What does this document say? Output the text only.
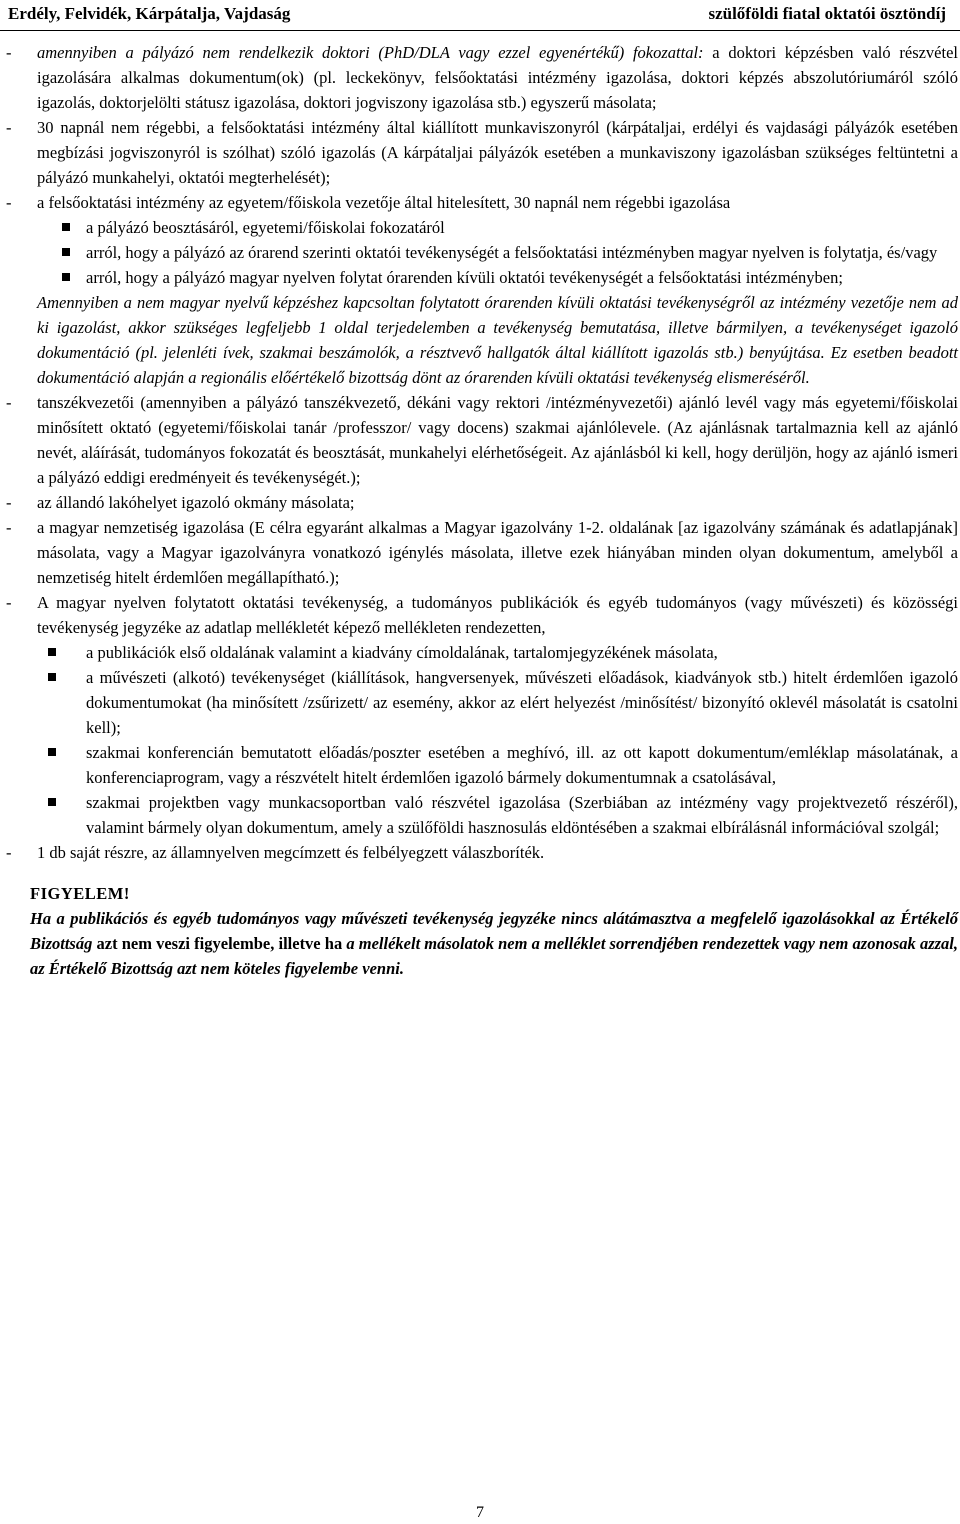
Erdély, Felvidék, Kárpátalja, Vajdaság	szülőföldi fiatal oktatói ösztöndíj
- amennyiben a pályázó nem rendelkezik doktori (PhD/DLA vagy ezzel egyenértékű) fokozattal: a doktori képzésben való részvétel igazolására alkalmas dokumentum(ok) (pl. leckekönyv, felsőoktatási intézmény igazolása, doktori képzés abszolutóriumáról szóló igazolás, doktorjelölti státusz igazolása, doktori jogviszony igazolása stb.) egyszerű másolata;
- 30 napnál nem régebbi, a felsőoktatási intézmény által kiállított munkaviszonyról (kárpátaljai, erdélyi és vajdasági pályázók esetében megbízási jogviszonyról is szólhat) szóló igazolás (A kárpátaljai pályázók esetében a munkaviszony igazolásban szükséges feltüntetni a pályázó munkahelyi, oktatói megterhelését);
- a felsőoktatási intézmény az egyetem/főiskola vezetője által hitelesített, 30 napnál nem régebbi igazolása
a pályázó beosztásáról, egyetemi/főiskolai fokozatáról
arról, hogy a pályázó az órarend szerinti oktatói tevékenységét a felsőoktatási intézményben magyar nyelven is folytatja, és/vagy
arról, hogy a pályázó magyar nyelven folytat órarenden kívüli oktatói tevékenységét a felsőoktatási intézményben;
Amennyiben a nem magyar nyelvű képzéshez kapcsoltan folytatott órarenden kívüli oktatási tevékenységről az intézmény vezetője nem ad ki igazolást, akkor szükséges legfeljebb 1 oldal terjedelemben a tevékenység bemutatása, illetve bármilyen, a tevékenységet igazoló dokumentáció (pl. jelenléti ívek, szakmai beszámolók, a résztvevő hallgatók által kiállított igazolás stb.) benyújtása. Ez esetben beadott dokumentáció alapján a regionális előértékelő bizottság dönt az órarenden kívüli oktatási tevékenység elismeréséről.
- tanszékvezetői (amennyiben a pályázó tanszékvezető, dékáni vagy rektori /intézményvezetői) ajánló levél vagy más egyetemi/főiskolai minősített oktató (egyetemi/főiskolai tanár /professzor/ vagy docens) szakmai ajánlólevele. (Az ajánlásnak tartalmaznia kell az ajánló nevét, aláírását, tudományos fokozatát és beosztását, munkahelyi elérhetőségeit. Az ajánlásból ki kell, hogy derüljön, hogy az ajánló ismeri a pályázó eddigi eredményeit és tevékenységét.);
- az állandó lakóhelyet igazoló okmány másolata;
- a magyar nemzetiség igazolása (E célra egyaránt alkalmas a Magyar igazolvány 1-2. oldalának [az igazolvány számának és adatlapjának] másolata, vagy a Magyar igazolványra vonatkozó igénylés másolata, illetve ezek hiányában minden olyan dokumentum, amelyből a nemzetiség hitelt érdemlően megállapítható.);
- A magyar nyelven folytatott oktatási tevékenység, a tudományos publikációk és egyéb tudományos (vagy művészeti) és közösségi tevékenység jegyzéke az adatlap mellékletét képező mellékleten rendezetten,
a publikációk első oldalának valamint a kiadvány címoldalának, tartalomjegyzékének másolata,
a művészeti (alkotó) tevékenységet (kiállítások, hangversenyek, művészeti előadások, kiadványok stb.) hitelt érdemlően igazoló dokumentumokat (ha minősített /zsűrizett/ az esemény, akkor az elért helyezést /minősítést/ bizonyító oklevél másolatát is csatolni kell);
szakmai konferencián bemutatott előadás/poszter esetében a meghívó, ill. az ott kapott dokumentum/emléklap másolatának, a konferenciaprogram, vagy a részvételt hitelt érdemlően igazoló bármely dokumentumnak a csatolásával,
szakmai projektben vagy munkacsoportban való részvétel igazolása (Szerbiában az intézmény vagy projektvezető részéről), valamint bármely olyan dokumentum, amely a szülőföldi hasznosulás eldöntésében a szakmai elbírálásnál információval szolgál;
- 1 db saját részre, az államnyelven megcímzett és felbélyegzett válaszboríték.
FIGYELEM!
Ha a publikációs és egyéb tudományos vagy művészeti tevékenység jegyzéke nincs alátámasztva a megfelelő igazolásokkal az Értékelő Bizottság azt nem veszi figyelembe, illetve ha a mellékelt másolatok nem a melléklet sorrendjében rendezettek vagy nem azonosak azzal, az Értékelő Bizottság azt nem köteles figyelembe venni.
7
